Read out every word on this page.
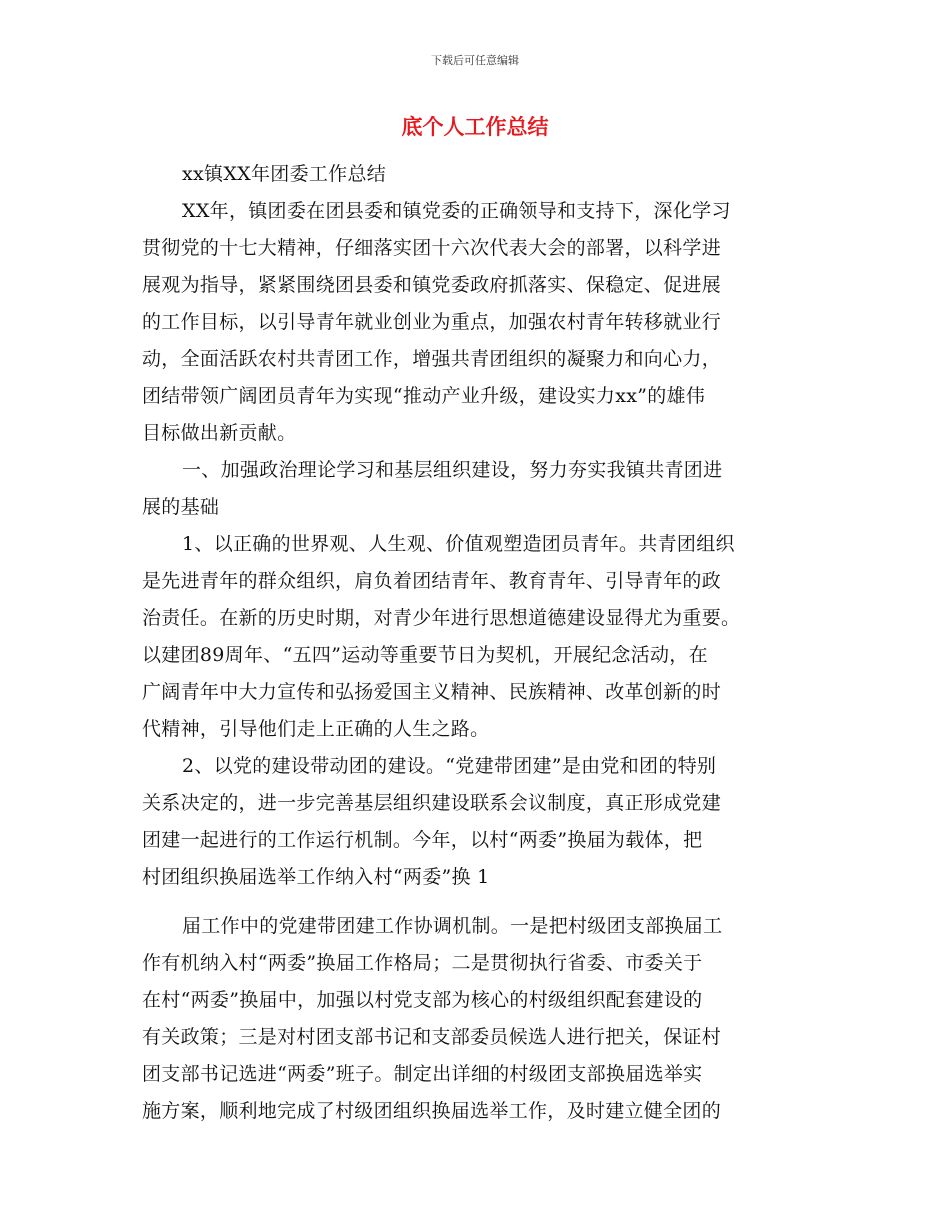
下载后可任意编辑
底个人工作总结
xx镇XX年团委工作总结
XX年，镇团委在团县委和镇党委的正确领导和支持下，深化学习
贯彻党的十七大精神，仔细落实团十六次代表大会的部署，以科学进
展观为指导，紧紧围绕团县委和镇党委政府抓落实、保稳定、促进展
的工作目标，以引导青年就业创业为重点，加强农村青年转移就业行
动，全面活跃农村共青团工作，增强共青团组织的凝聚力和向心力，
团结带领广阔团员青年为实现“推动产业升级，建设实力xx”的雄伟
目标做出新贡献。
一、加强政治理论学习和基层组织建设，努力夯实我镇共青团进
展的基础
1、以正确的世界观、人生观、价值观塑造团员青年。共青团组织
是先进青年的群众组织，肩负着团结青年、教育青年、引导青年的政
治责任。在新的历史时期，对青少年进行思想道德建设显得尤为重要。
以建团89周年、“五四”运动等重要节日为契机，开展纪念活动，在
广阔青年中大力宣传和弘扬爱国主义精神、民族精神、改革创新的时
代精神，引导他们走上正确的人生之路。
2、以党的建设带动团的建设。“党建带团建”是由党和团的特别
关系决定的，进一步完善基层组织建设联系会议制度，真正形成党建
团建一起进行的工作运行机制。今年，以村“两委”换届为载体，把
村团组织换届选举工作纳入村“两委”换 1
届工作中的党建带团建工作协调机制。一是把村级团支部换届工
作有机纳入村“两委”换届工作格局；二是贯彻执行省委、市委关于
在村“两委”换届中，加强以村党支部为核心的村级组织配套建设的
有关政策；三是对村团支部书记和支部委员候选人进行把关，保证村
团支部书记选进“两委”班子。制定出详细的村级团支部换届选举实
施方案，顺利地完成了村级团组织换届选举工作，及时建立健全团的
